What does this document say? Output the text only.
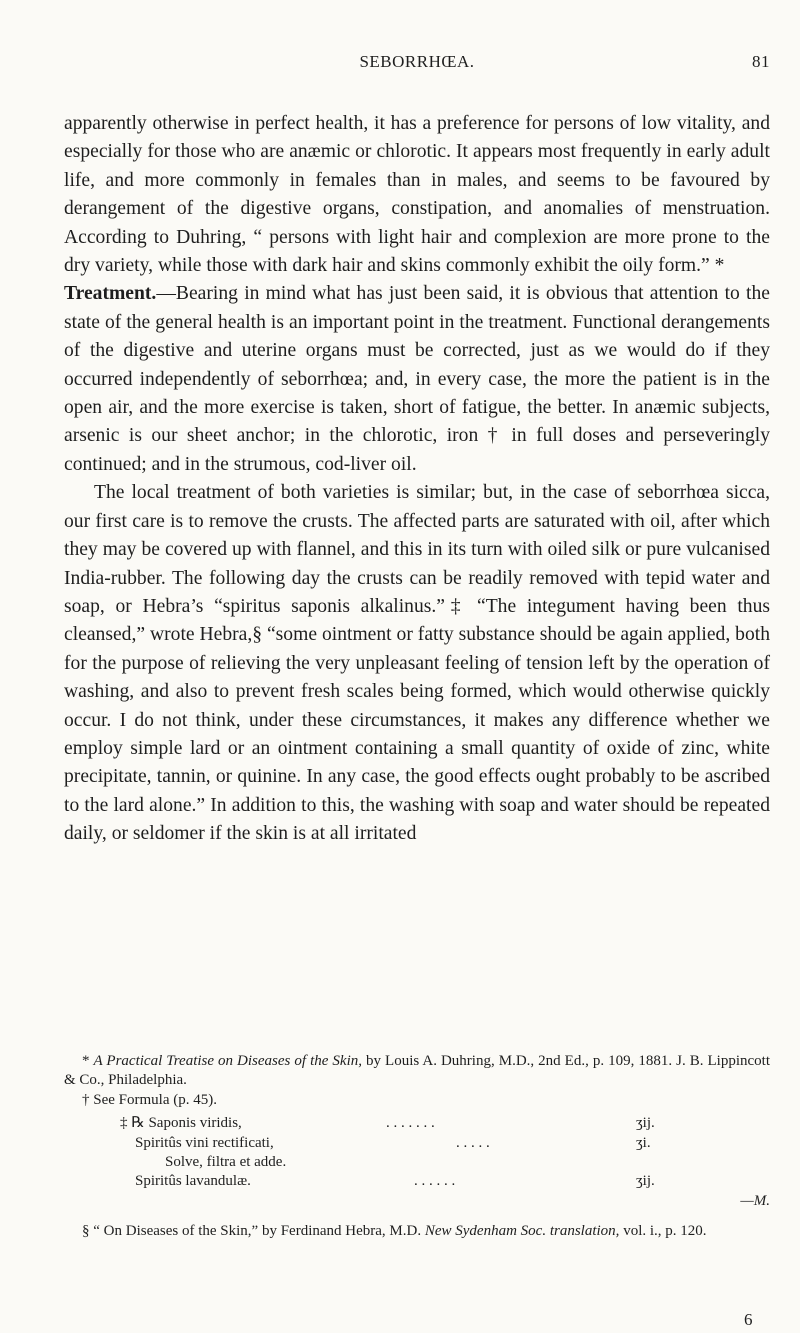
SEBORRHŒA.	81

apparently otherwise in perfect health, it has a preference for persons of low vitality, and especially for those who are anæmic or chlorotic. It appears most frequently in early adult life, and more commonly in females than in males, and seems to be favoured by derangement of the digestive organs, constipation, and anomalies of menstruation. According to Duhring, “ persons with light hair and complexion are more prone to the dry variety, while those with dark hair and skins commonly exhibit the oily form.” *

Treatment.—Bearing in mind what has just been said, it is obvious that attention to the state of the general health is an important point in the treatment. Functional derangements of the digestive and uterine organs must be corrected, just as we would do if they occurred independently of seborrhœa; and, in every case, the more the patient is in the open air, and the more exercise is taken, short of fatigue, the better. In anæmic subjects, arsenic is our sheet anchor; in the chlorotic, iron † in full doses and perseveringly continued; and in the strumous, cod-liver oil.

The local treatment of both varieties is similar; but, in the case of seborrhœa sicca, our first care is to remove the crusts. The affected parts are saturated with oil, after which they may be covered up with flannel, and this in its turn with oiled silk or pure vulcanised India-rubber. The following day the crusts can be readily removed with tepid water and soap, or Hebra’s “spiritus saponis alkalinus.”‡ “The integument having been thus cleansed,” wrote Hebra,§ “some ointment or fatty substance should be again applied, both for the purpose of relieving the very unpleasant feeling of tension left by the operation of washing, and also to prevent fresh scales being formed, which would otherwise quickly occur. I do not think, under these circumstances, it makes any difference whether we employ simple lard or an ointment containing a small quantity of oxide of zinc, white precipitate, tannin, or quinine. In any case, the good effects ought probably to be ascribed to the lard alone.” In addition to this, the washing with soap and water should be repeated daily, or seldomer if the skin is at all irritated

* A Practical Treatise on Diseases of the Skin, by Louis A. Duhring, M.D., 2nd Ed., p. 109, 1881. J. B. Lippincott & Co., Philadelphia.

† See Formula (p. 45).

‡ ℞ Saponis viridis,	. . . . . . .	ʒij.
Spiritûs vini rectificati,	. . . . .	ʒi.
Solve, filtra et adde.
Spiritûs lavandulæ.	. . . . . .	ʒij.
—M.

§ “ On Diseases of the Skin,” by Ferdinand Hebra, M.D. New Sydenham Soc. translation, vol. i., p. 120.

6
